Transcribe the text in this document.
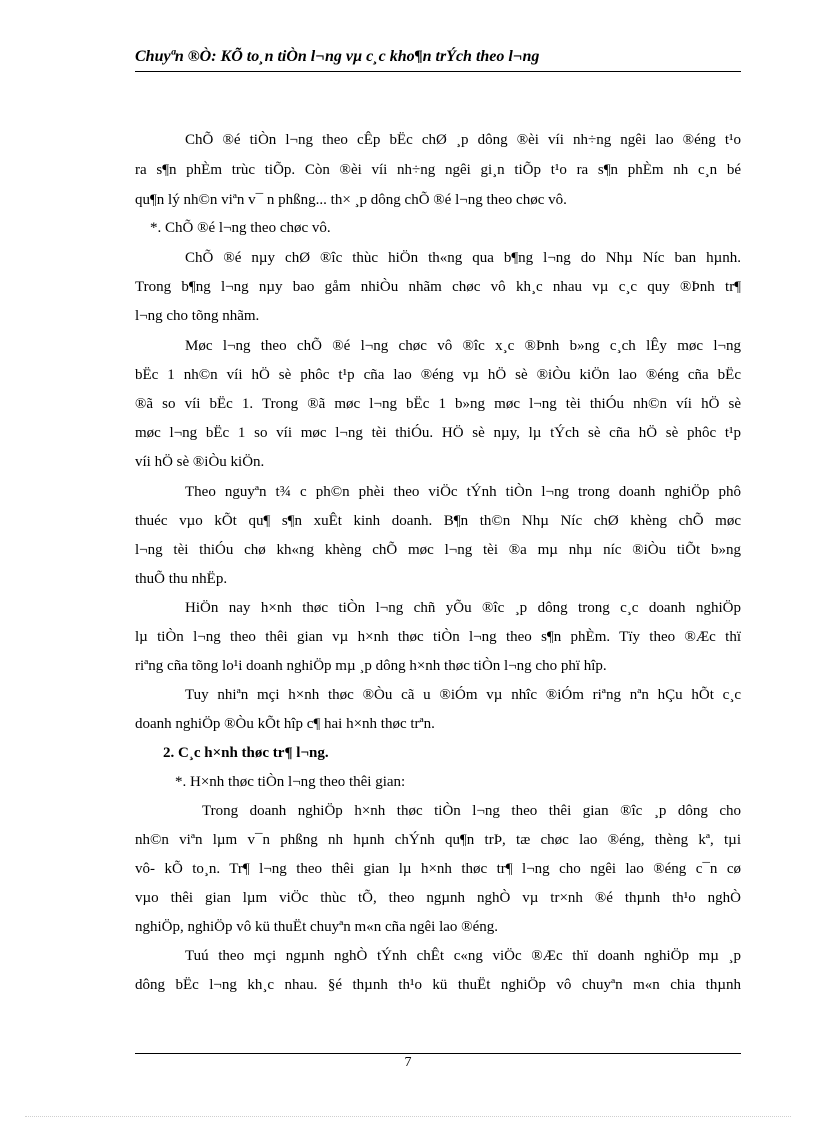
Chuyªn ®Ò: KÕ to¸n tiÒn l¬ng vµ c¸c kho¶n trÝch theo l¬ng
ChÕ ®é tiÒn l¬ng theo cÊp bËc chØ ¸p dông ®èi víi nh÷ng ngêi lao ®éng t¹o
ra s¶n phÈm trùc tiÕp. Còn ®èi víi nh÷ng ngêi gi¸n tiÕp t¹o ra s¶n phÈm nh c¸n bé
qu¶n lý nh©n viªn v¯ n phßng... th× ¸p dông chÕ ®é l¬ng theo chøc vô.
*. ChÕ ®é l¬ng theo chøc vô.
ChÕ ®é nµy chØ ®îc thùc hiÖn th«ng qua b¶ng l¬ng do Nhµ Níc ban hµnh.
Trong b¶ng l¬ng nµy bao gåm nhiÒu nhãm chøc vô kh¸c nhau vµ c¸c quy ®Þnh tr¶
l¬ng cho tõng nhãm.
Møc l¬ng theo chÕ ®é l¬ng chøc vô ®îc x¸c ®Þnh b»ng c¸ch lÊy møc l¬ng
bËc 1 nh©n víi hÖ sè phôc t¹p cña lao ®éng vµ hÖ sè ®iÒu kiÖn lao ®éng cña bËc
®ã so víi bËc 1. Trong ®ã møc l¬ng bËc 1 b»ng møc l¬ng tèi thiÓu nh©n víi hÖ sè
møc l¬ng bËc 1 so víi møc l¬ng tèi thiÓu. HÖ sè nµy, lµ tÝch sè cña hÖ sè phôc t¹p
víi hÖ sè ®iÒu kiÖn.
Theo nguyªn t¾ c ph©n phèi theo viÖc tÝnh tiÒn l¬ng trong doanh nghiÖp phô
thuéc vµo kÕt qu¶ s¶n xuÊt kinh doanh. B¶n th©n Nhµ Níc chØ khèng chÕ møc
l¬ng tèi thiÓu chø kh«ng khèng chÕ møc l¬ng tèi ®a mµ nhµ níc ®iÒu tiÕt b»ng
thuÕ thu nhËp.
HiÖn nay h×nh thøc tiÒn l¬ng chñ yÕu ®îc ¸p dông trong c¸c doanh nghiÖp
lµ tiÒn l¬ng theo thêi gian vµ h×nh thøc tiÒn l¬ng theo s¶n phÈm. Tïy theo ®Æc thï
riªng cña tõng lo¹i doanh nghiÖp mµ ¸p dông h×nh thøc tiÒn l¬ng cho phï hîp.
Tuy nhiªn mçi h×nh thøc ®Òu cã u ®iÓm vµ nhîc ®iÓm riªng nªn hÇu hÕt c¸c
doanh nghiÖp ®Òu kÕt hîp c¶ hai h×nh thøc trªn.
2. C¸c h×nh thøc tr¶ l¬ng.
*. H×nh thøc tiÒn l¬ng theo thêi gian:
Trong doanh nghiÖp h×nh thøc tiÒn l¬ng theo thêi gian ®îc ¸p dông cho
nh©n viªn lµm v¯n phßng nh hµnh chÝnh qu¶n trÞ, tæ chøc lao ®éng, thèng kª, tµi
vô- kÕ to¸n. Tr¶ l¬ng theo thêi gian lµ h×nh thøc tr¶ l¬ng cho ngêi lao ®éng c¯n cø
vµo thêi gian lµm viÖc thùc tÕ, theo ngµnh nghÒ vµ tr×nh ®é thµnh th¹o nghÒ
nghiÖp, nghiÖp vô kü thuËt chuyªn m«n cña ngêi lao ®éng.
Tuú theo mçi ngµnh nghÒ tÝnh chÊt c«ng viÖc ®Æc thï doanh nghiÖp mµ ¸p
dông bËc l¬ng kh¸c nhau. §é thµnh th¹o kü thuËt nghiÖp vô chuyªn m«n chia thµnh
7
